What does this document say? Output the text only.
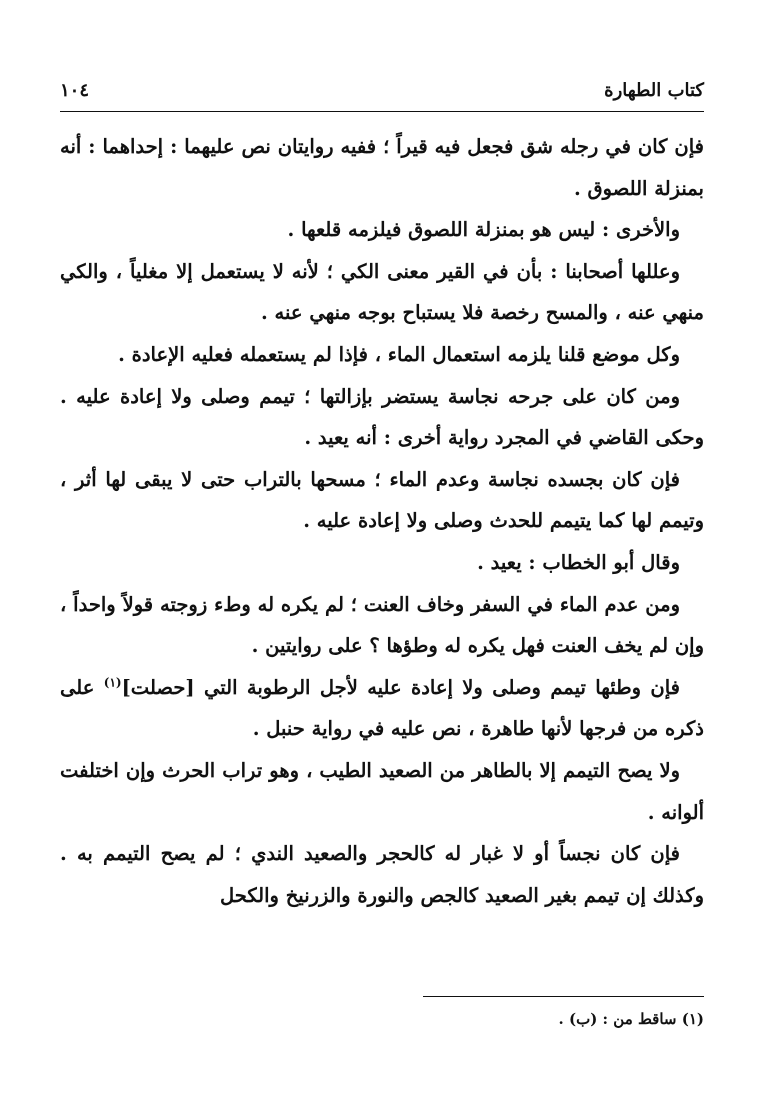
١٠٤	كتاب الطهارة

فإن كان في رجله شق فجعل فيه قيراً ؛ ففيه روايتان نص عليهما : إحداهما : أنه بمنزلة اللصوق .

والأخرى : ليس هو بمنزلة اللصوق فيلزمه قلعها .

وعللها أصحابنا : بأن في القير معنى الكي ؛ لأنه لا يستعمل إلا مغلياً ، والكي منهي عنه ، والمسح رخصة فلا يستباح بوجه منهي عنه .

وكل موضع قلنا يلزمه استعمال الماء ، فإذا لم يستعمله فعليه الإعادة .

ومن كان على جرحه نجاسة يستضر بإزالتها ؛ تيمم وصلى ولا إعادة عليه . وحكى القاضي في المجرد رواية أخرى : أنه يعيد .

فإن كان بجسده نجاسة وعدم الماء ؛ مسحها بالتراب حتى لا يبقى لها أثر ، وتيمم لها كما يتيمم للحدث وصلى ولا إعادة عليه .

وقال أبو الخطاب : يعيد .

ومن عدم الماء في السفر وخاف العنت ؛ لم يكره له وطء زوجته قولاً واحداً ، وإن لم يخف العنت فهل يكره له وطؤها ؟ على روايتين .

فإن وطئها تيمم وصلى ولا إعادة عليه لأجل الرطوبة التي [حصلت]$^{(١)}$ على ذكره من فرجها لأنها طاهرة ، نص عليه في رواية حنبل .

ولا يصح التيمم إلا بالطاهر من الصعيد الطيب ، وهو تراب الحرث وإن اختلفت ألوانه .

فإن كان نجساً أو لا غبار له كالحجر والصعيد الندي ؛ لم يصح التيمم به . وكذلك إن تيمم بغير الصعيد كالجص والنورة والزرنيخ والكحل

(١) ساقط من : (ب) .
